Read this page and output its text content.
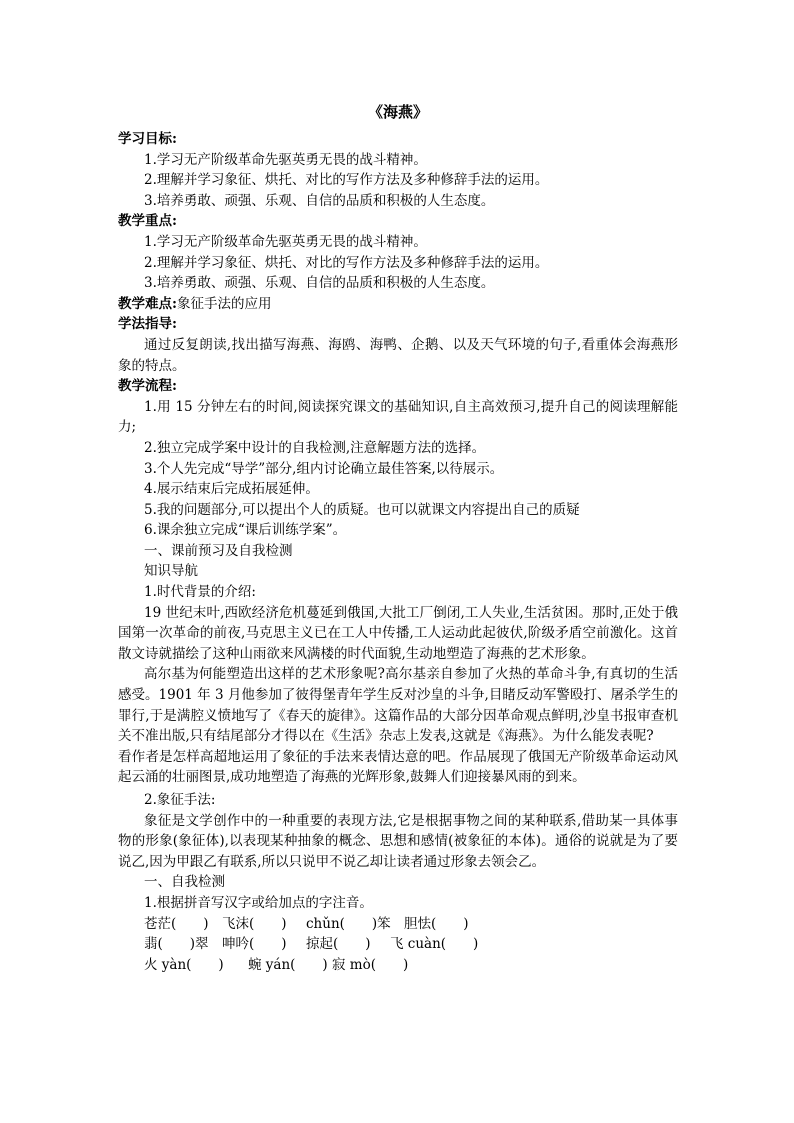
《海燕》
学习目标:
1.学习无产阶级革命先驱英勇无畏的战斗精神。
2.理解并学习象征、烘托、对比的写作方法及多种修辞手法的运用。
3.培养勇敢、顽强、乐观、自信的品质和积极的人生态度。
教学重点:
1.学习无产阶级革命先驱英勇无畏的战斗精神。
2.理解并学习象征、烘托、对比的写作方法及多种修辞手法的运用。
3.培养勇敢、顽强、乐观、自信的品质和积极的人生态度。
教学难点:象征手法的应用
学法指导:
通过反复朗读,找出描写海燕、海鸥、海鸭、企鹅、以及天气环境的句子,看重体会海燕形象的特点。
教学流程:
1.用 15 分钟左右的时间,阅读探究课文的基础知识,自主高效预习,提升自己的阅读理解能力;
2.独立完成学案中设计的自我检测,注意解题方法的选择。
3.个人先完成“导学”部分,组内讨论确立最佳答案,以待展示。
4.展示结束后完成拓展延伸。
5.我的问题部分,可以提出个人的质疑。也可以就课文内容提出自己的质疑
6.课余独立完成“课后训练学案”。
一、课前预习及自我检测
知识导航
1.时代背景的介绍:
19 世纪末叶,西欧经济危机蔓延到俄国,大批工厂倒闭,工人失业,生活贫困。那时,正处于俄国第一次革命的前夜,马克思主义已在工人中传播,工人运动此起彼伏,阶级矛盾空前激化。这首散文诗就描绘了这种山雨欲来风满楼的时代面貌,生动地塑造了海燕的艺术形象。
高尔基为何能塑造出这样的艺术形象呢?高尔基亲自参加了火热的革命斗争,有真切的生活感受。1901 年 3 月他参加了彼得堡青年学生反对沙皇的斗争,目睹反动军警殴打、屠杀学生的罪行,于是满腔义愤地写了《春天的旋律》。这篇作品的大部分因革命观点鲜明,沙皇书报审查机关不准出版,只有结尾部分才得以在《生活》杂志上发表,这就是《海燕》。为什么能发表呢?
看作者是怎样高超地运用了象征的手法来表情达意的吧。作品展现了俄国无产阶级革命运动风起云涌的壮丽图景,成功地塑造了海燕的光辉形象,鼓舞人们迎接暴风雨的到来。
2.象征手法:
象征是文学创作中的一种重要的表现方法,它是根据事物之间的某种联系,借助某一具体事物的形象(象征体),以表现某种抽象的概念、思想和感情(被象征的本体)。通俗的说就是为了要说乙,因为甲跟乙有联系,所以只说甲不说乙却让读者通过形象去领会乙。
一、自我检测
1.根据拼音写汉字或给加点的字注音。
苍茫(　　) 飞沫(　　) chǔn(　　)笨 胆怯(　　)
翡(　　)翠 呻吟(　　) 掠起(　　) 飞 cuàn(　　)
火 yàn(　　) 蜿 yán(　　) 寂 mò(　　)
